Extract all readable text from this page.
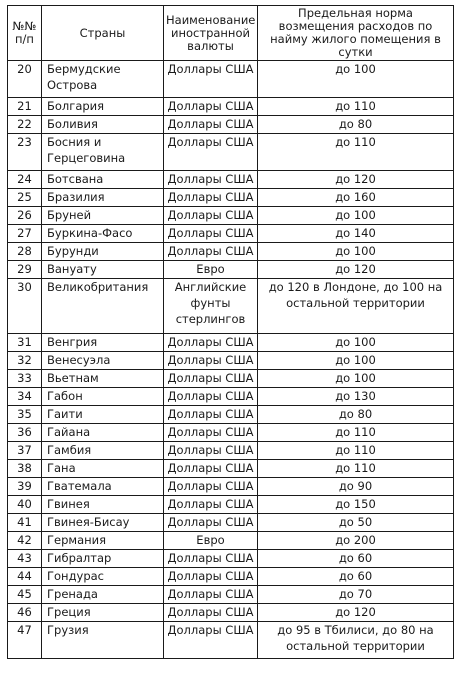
№№ п/п	Страны	Наименование иностранной валюты	Предельная норма возмещения расходов по найму жилого помещения в сутки
20	Бермудские Острова	Доллары США	до 100
21	Болгария	Доллары США	до 110
22	Боливия	Доллары США	до 80
23	Босния и Герцеговина	Доллары США	до 110
24	Ботсвана	Доллары США	до 120
25	Бразилия	Доллары США	до 160
26	Бруней	Доллары США	до 100
27	Буркина-Фасо	Доллары США	до 140
28	Бурунди	Доллары США	до 100
29	Вануату	Евро	до 120
30	Великобритания	Английские фунты стерлингов	до 120 в Лондоне, до 100 на остальной территории
31	Венгрия	Доллары США	до 100
32	Венесуэла	Доллары США	до 100
33	Вьетнам	Доллары США	до 100
34	Габон	Доллары США	до 130
35	Гаити	Доллары США	до 80
36	Гайана	Доллары США	до 110
37	Гамбия	Доллары США	до 110
38	Гана	Доллары США	до 110
39	Гватемала	Доллары США	до 90
40	Гвинея	Доллары США	до 150
41	Гвинея-Бисау	Доллары США	до 50
42	Германия	Евро	до 200
43	Гибралтар	Доллары США	до 60
44	Гондурас	Доллары США	до 60
45	Гренада	Доллары США	до 70
46	Греция	Доллары США	до 120
47	Грузия	Доллары США	до 95 в Тбилиси, до 80 на остальной территории
